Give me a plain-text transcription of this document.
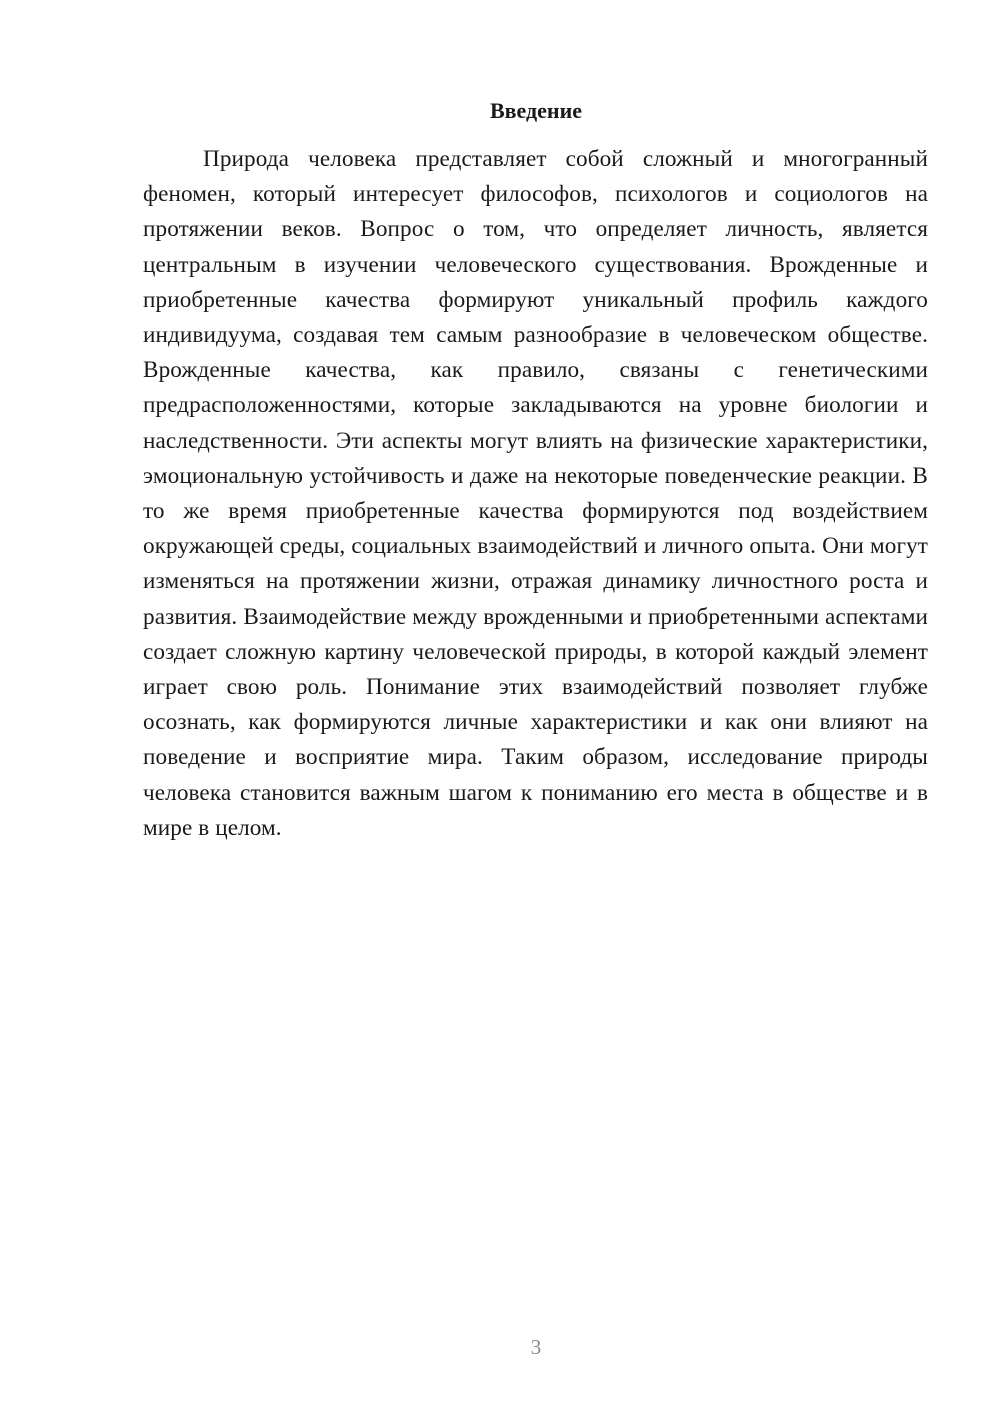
Введение

Природа человека представляет собой сложный и многогранный феномен, который интересует философов, психологов и социологов на протяжении веков. Вопрос о том, что определяет личность, является центральным в изучении человеческого существования. Врожденные и приобретенные качества формируют уникальный профиль каждого индивидуума, создавая тем самым разнообразие в человеческом обществе. Врожденные качества, как правило, связаны с генетическими предрасположенностями, которые закладываются на уровне биологии и наследственности. Эти аспекты могут влиять на физические характеристики, эмоциональную устойчивость и даже на некоторые поведенческие реакции. В то же время приобретенные качества формируются под воздействием окружающей среды, социальных взаимодействий и личного опыта. Они могут изменяться на протяжении жизни, отражая динамику личностного роста и развития. Взаимодействие между врожденными и приобретенными аспектами создает сложную картину человеческой природы, в которой каждый элемент играет свою роль. Понимание этих взаимодействий позволяет глубже осознать, как формируются личные характеристики и как они влияют на поведение и восприятие мира. Таким образом, исследование природы человека становится важным шагом к пониманию его места в обществе и в мире в целом.

3
